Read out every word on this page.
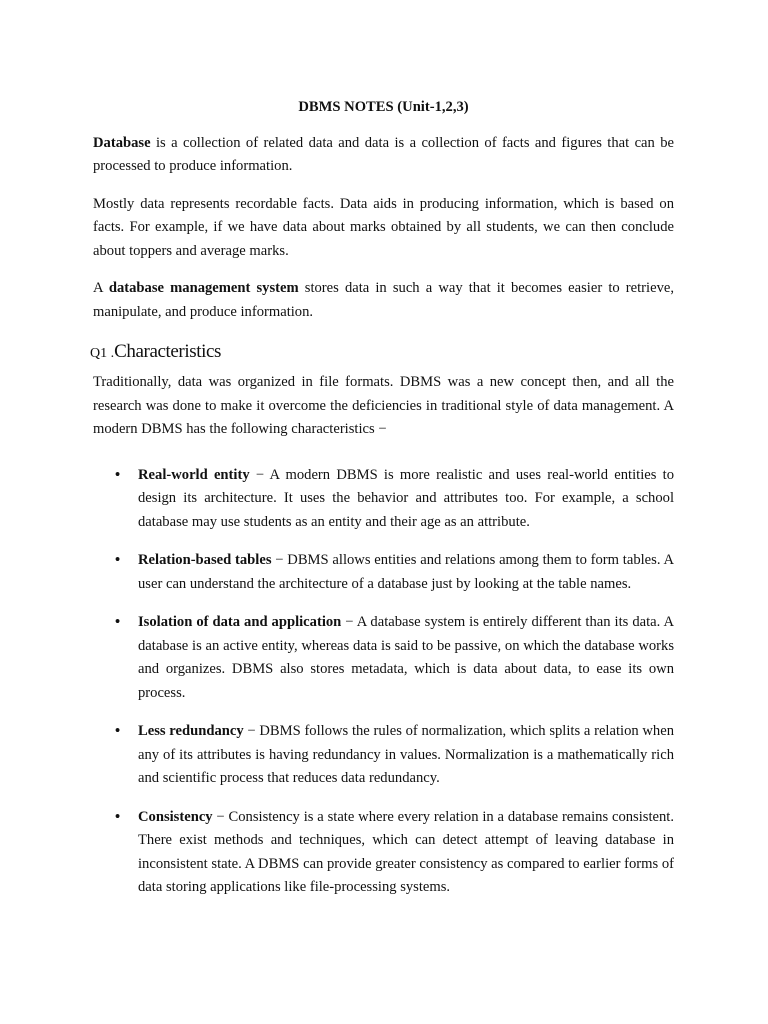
DBMS NOTES (Unit-1,2,3)

Database is a collection of related data and data is a collection of facts and figures that can be processed to produce information.

Mostly data represents recordable facts. Data aids in producing information, which is based on facts. For example, if we have data about marks obtained by all students, we can then conclude about toppers and average marks.

A database management system stores data in such a way that it becomes easier to retrieve, manipulate, and produce information.

Q1 .Characteristics

Traditionally, data was organized in file formats. DBMS was a new concept then, and all the research was done to make it overcome the deficiencies in traditional style of data management. A modern DBMS has the following characteristics −

• Real-world entity − A modern DBMS is more realistic and uses real-world entities to design its architecture. It uses the behavior and attributes too. For example, a school database may use students as an entity and their age as an attribute.
• Relation-based tables − DBMS allows entities and relations among them to form tables. A user can understand the architecture of a database just by looking at the table names.
• Isolation of data and application − A database system is entirely different than its data. A database is an active entity, whereas data is said to be passive, on which the database works and organizes. DBMS also stores metadata, which is data about data, to ease its own process.
• Less redundancy − DBMS follows the rules of normalization, which splits a relation when any of its attributes is having redundancy in values. Normalization is a mathematically rich and scientific process that reduces data redundancy.
• Consistency − Consistency is a state where every relation in a database remains consistent. There exist methods and techniques, which can detect attempt of leaving database in inconsistent state. A DBMS can provide greater consistency as compared to earlier forms of data storing applications like file-processing systems.
